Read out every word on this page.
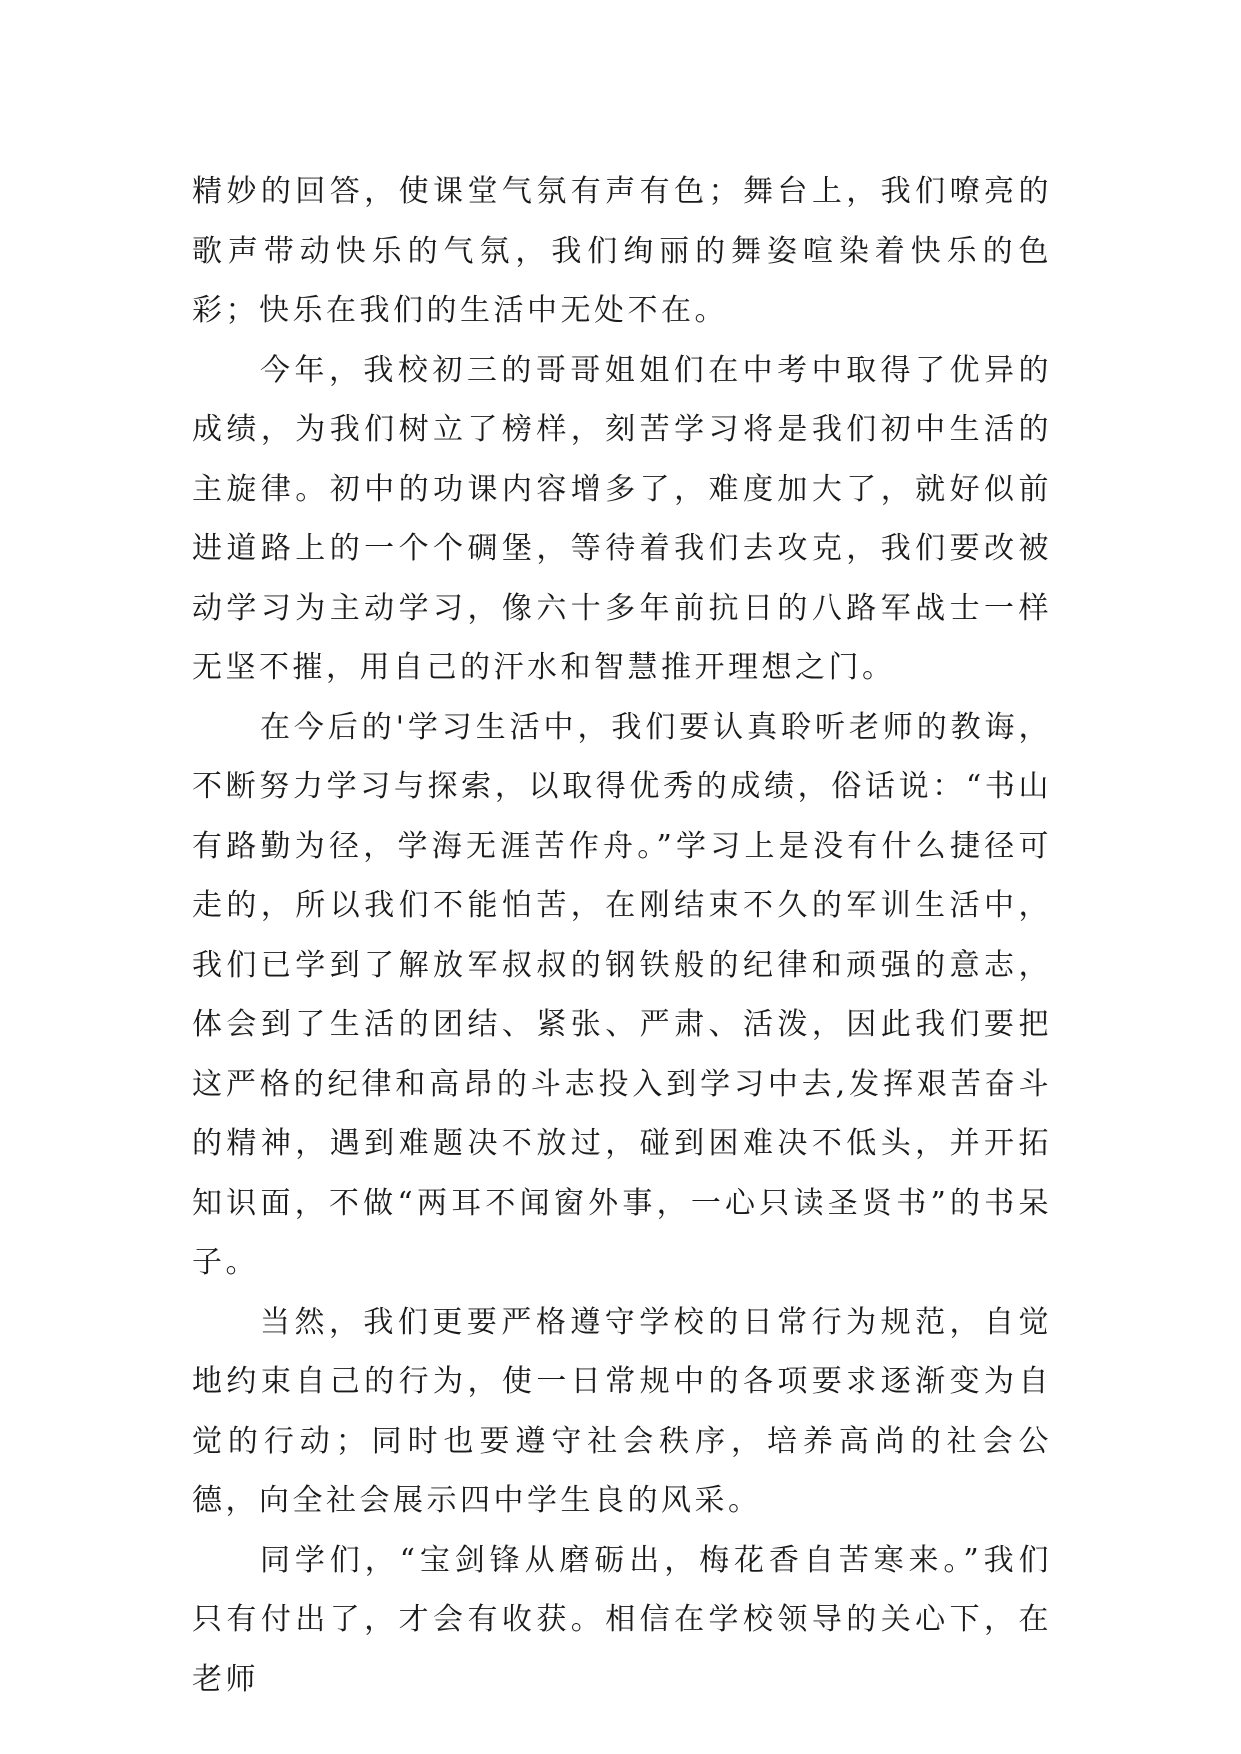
精妙的回答，使课堂气氛有声有色；舞台上，我们嘹亮的歌声带动快乐的气氛，我们绚丽的舞姿喧染着快乐的色彩；快乐在我们的生活中无处不在。

今年，我校初三的哥哥姐姐们在中考中取得了优异的成绩，为我们树立了榜样，刻苦学习将是我们初中生活的主旋律。初中的功课内容增多了，难度加大了，就好似前进道路上的一个个碉堡，等待着我们去攻克，我们要改被动学习为主动学习，像六十多年前抗日的八路军战士一样无坚不摧，用自己的汗水和智慧推开理想之门。

在今后的'学习生活中，我们要认真聆听老师的教诲，不断努力学习与探索，以取得优秀的成绩，俗话说：“书山有路勤为径，学海无涯苦作舟。”学习上是没有什么捷径可走的，所以我们不能怕苦，在刚结束不久的军训生活中，我们已学到了解放军叔叔的钢铁般的纪律和顽强的意志，体会到了生活的团结、紧张、严肃、活泼，因此我们要把这严格的纪律和高昂的斗志投入到学习中去,发挥艰苦奋斗的精神，遇到难题决不放过，碰到困难决不低头，并开拓知识面，不做“两耳不闻窗外事，一心只读圣贤书”的书呆子。

当然，我们更要严格遵守学校的日常行为规范，自觉地约束自己的行为，使一日常规中的各项要求逐渐变为自觉的行动；同时也要遵守社会秩序，培养高尚的社会公德，向全社会展示四中学生良的风采。

同学们，“宝剑锋从磨砺出，梅花香自苦寒来。”我们只有付出了，才会有收获。相信在学校领导的关心下，在老师
